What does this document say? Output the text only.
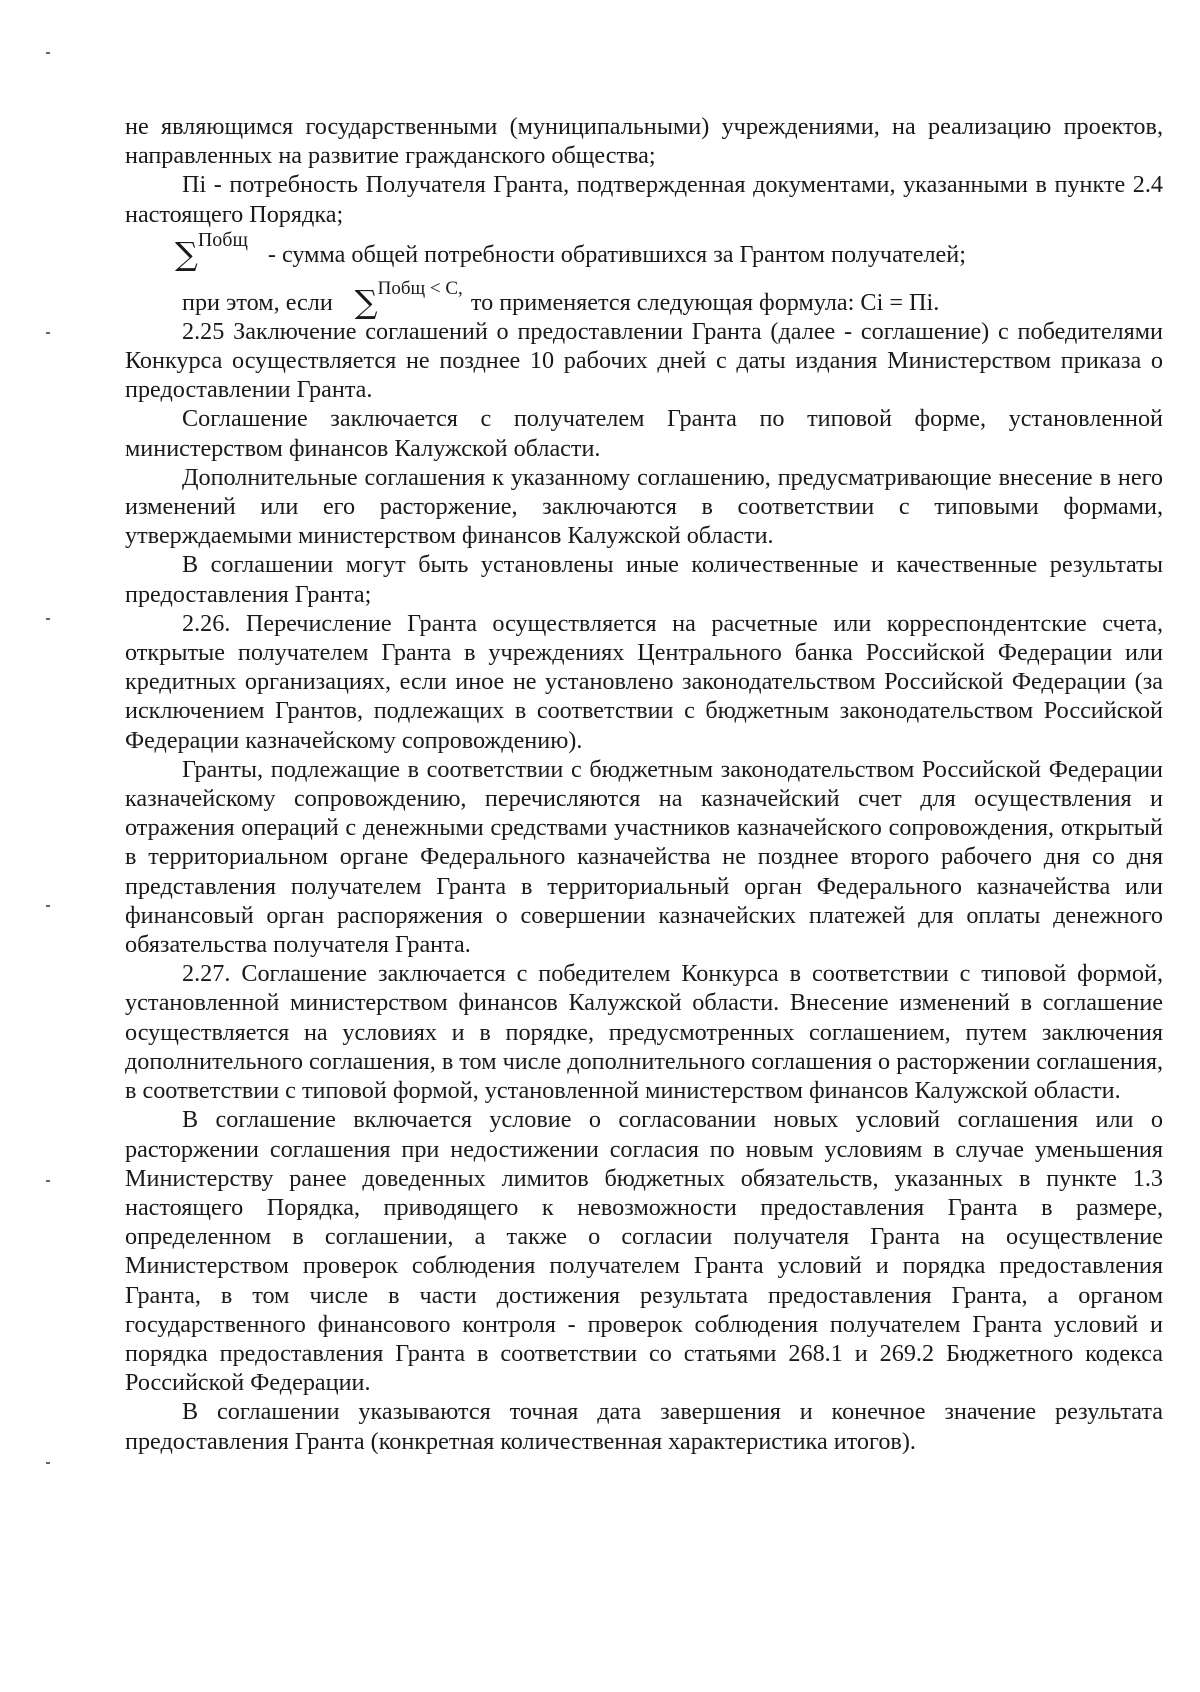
не являющимся государственными (муниципальными) учреждениями, на реализацию проектов, направленных на развитие гражданского общества;

Пi - потребность Получателя Гранта, подтвержденная документами, указанными в пункте 2.4 настоящего Порядка;

∑ Побщ
- сумма общей потребности обратившихся за Грантом получателей;
при этом, если ∑ Побщ < С,
то применяется следующая формула: Сi = Пi.

2.25 Заключение соглашений о предоставлении Гранта (далее - соглашение) с победителями Конкурса осуществляется не позднее 10 рабочих дней с даты издания Министерством приказа о предоставлении Гранта.

Соглашение заключается с получателем Гранта по типовой форме, установленной министерством финансов Калужской области.

Дополнительные соглашения к указанному соглашению, предусматривающие внесение в него изменений или его расторжение, заключаются в соответствии с типовыми формами, утверждаемыми министерством финансов Калужской области.

В соглашении могут быть установлены иные количественные и качественные результаты предоставления Гранта;

2.26. Перечисление Гранта осуществляется на расчетные или корреспондентские счета, открытые получателем Гранта в учреждениях Центрального банка Российской Федерации или кредитных организациях, если иное не установлено законодательством Российской Федерации (за исключением Грантов, подлежащих в соответствии с бюджетным законодательством Российской Федерации казначейскому сопровождению).

Гранты, подлежащие в соответствии с бюджетным законодательством Российской Федерации казначейскому сопровождению, перечисляются на казначейский счет для осуществления и отражения операций с денежными средствами участников казначейского сопровождения, открытый в территориальном органе Федерального казначейства не позднее второго рабочего дня со дня представления получателем Гранта в территориальный орган Федерального казначейства или финансовый орган распоряжения о совершении казначейских платежей для оплаты денежного обязательства получателя Гранта.

2.27. Соглашение заключается с победителем Конкурса в соответствии с типовой формой, установленной министерством финансов Калужской области. Внесение изменений в соглашение осуществляется на условиях и в порядке, предусмотренных соглашением, путем заключения дополнительного соглашения, в том числе дополнительного соглашения о расторжении соглашения, в соответствии с типовой формой, установленной министерством финансов Калужской области.

В соглашение включается условие о согласовании новых условий соглашения или о расторжении соглашения при недостижении согласия по новым условиям в случае уменьшения Министерству ранее доведенных лимитов бюджетных обязательств, указанных в пункте 1.3 настоящего Порядка, приводящего к невозможности предоставления Гранта в размере, определенном в соглашении, а также о согласии получателя Гранта на осуществление Министерством проверок соблюдения получателем Гранта условий и порядка предоставления Гранта, в том числе в части достижения результата предоставления Гранта, а органом государственного финансового контроля - проверок соблюдения получателем Гранта условий и порядка предоставления Гранта в соответствии со статьями 268.1 и 269.2 Бюджетного кодекса Российской Федерации.

В соглашении указываются точная дата завершения и конечное значение результата предоставления Гранта (конкретная количественная характеристика итогов).
